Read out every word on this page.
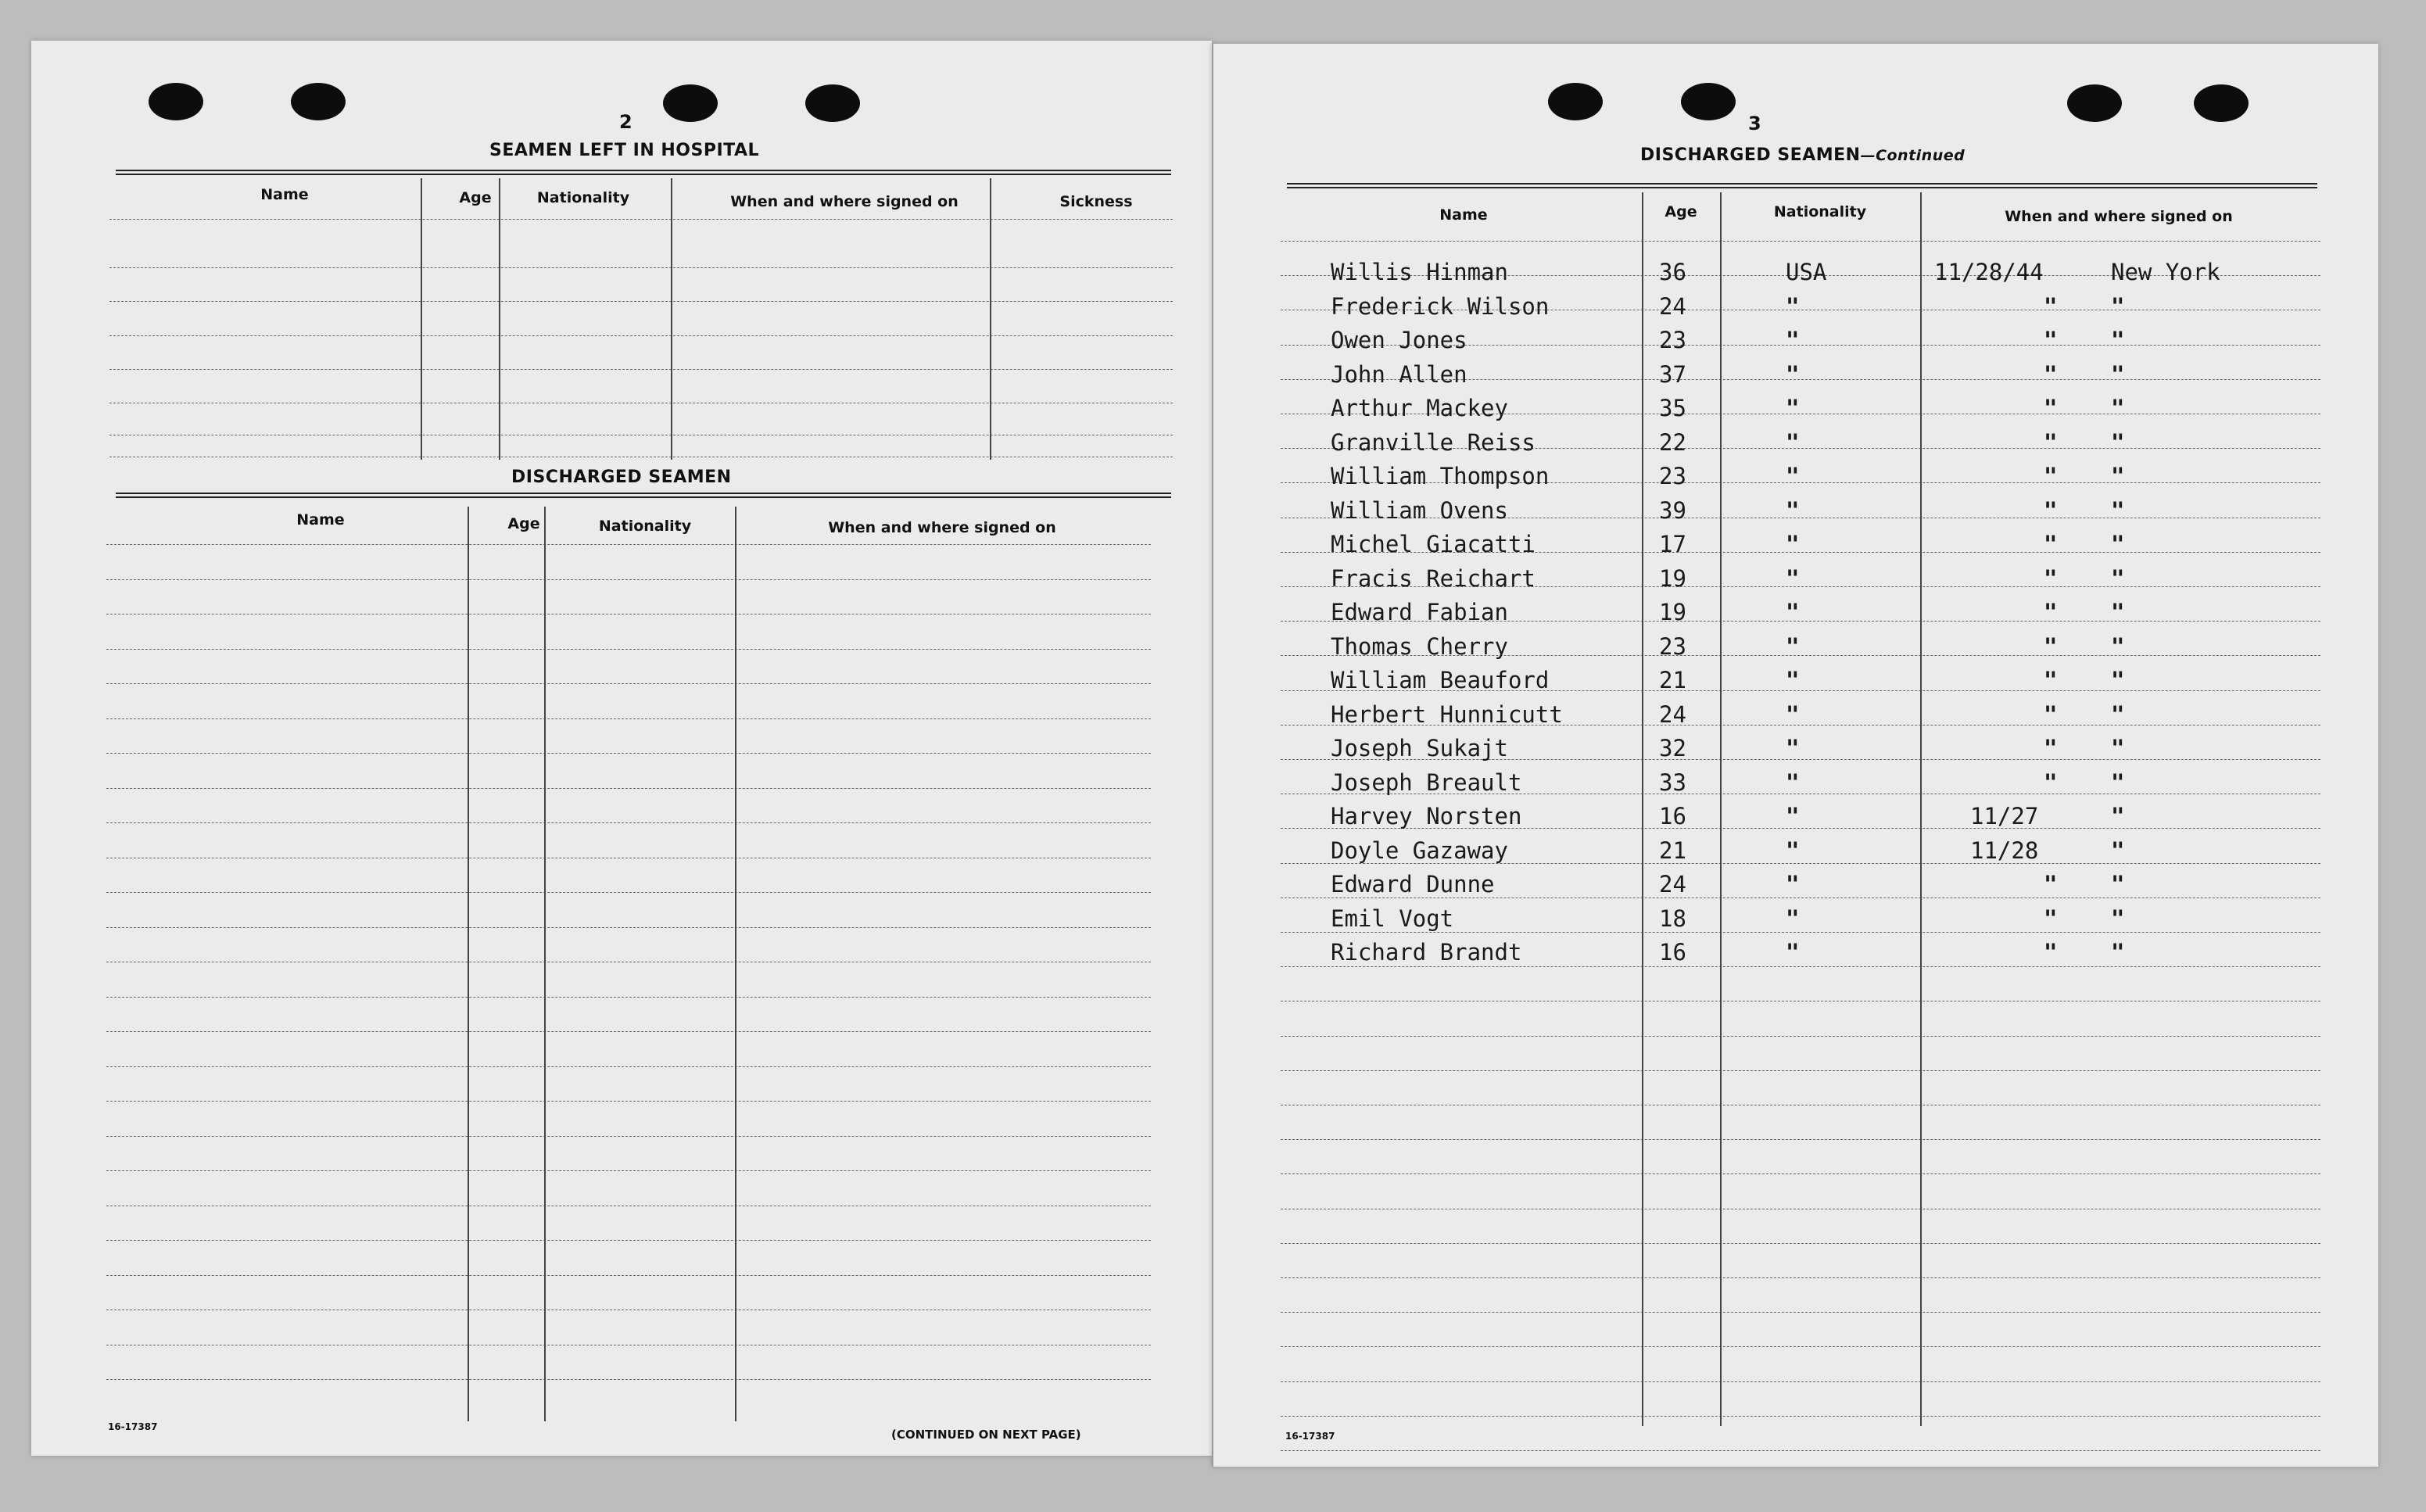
2
SEAMEN LEFT IN HOSPITAL
Name	Age	Nationality	When and where signed on	Sickness
DISCHARGED SEAMEN
Name	Age	Nationality	When and where signed on
16-17387
(CONTINUED ON NEXT PAGE)
3
DISCHARGED SEAMEN—Continued
Name	Age	Nationality	When and where signed on
Willis Hinman	36	USA	11/28/44	New York
Frederick Wilson	24	"	" "
Owen Jones	23	"	" "
John Allen	37	"	" "
Arthur Mackey	35	"	" "
Granville Reiss	22	"	" "
William Thompson	23	"	" "
William Ovens	39	"	" "
Michel Giacatti	17	"	" "
Fracis Reichart	19	"	" "
Edward Fabian	19	"	" "
Thomas Cherry	23	"	" "
William Beauford	21	"	" "
Herbert Hunnicutt	24	"	" "
Joseph Sukajt	32	"	" "
Joseph Breault	33	"	" "
Harvey Norsten	16	"	11/27	"
Doyle Gazaway	21	"	11/28	"
Edward Dunne	24	"	" "
Emil Vogt	18	"	" "
Richard Brandt	16	"	" "
16-17387
